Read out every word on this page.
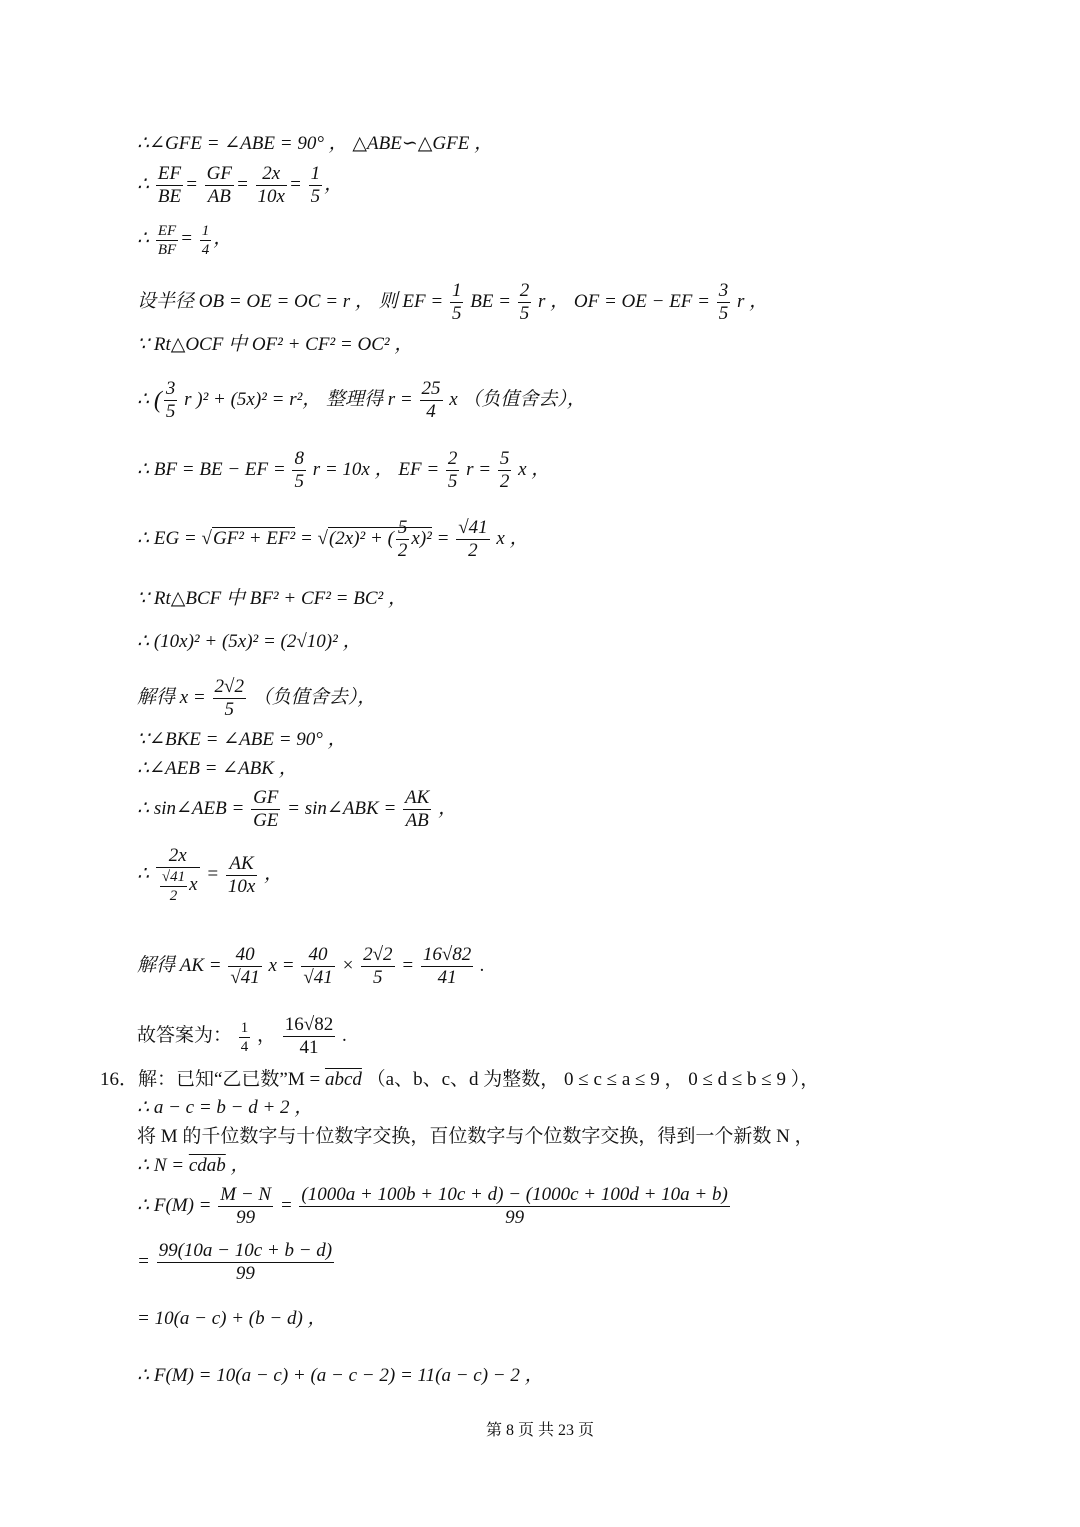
∴∠GFE = ∠ABE = 90° ， △ABE∽△GFE ，
∴ $\frac{EF}{BE} = \frac{GF}{AB} = \frac{2x}{10x} = \frac{1}{5}$ ，
∴ $\frac{EF}{BF} = \frac{1}{4}$ ，
设半径 OB = OE = OC = r ， 则 EF = $\frac{1}{5}$ BE = $\frac{2}{5}$ r ， OF = OE − EF = $\frac{3}{5}$ r ，
∵ Rt△OCF 中 OF² + CF² = OC² ，
∴ ( $\frac{3}{5}$ r )² + (5x)² = r²， 整理得 $r = \frac{25}{4}$ x （负值舍去），
∴ BF = BE − EF = $\frac{8}{5}$ r = 10x ， EF = $\frac{2}{5}$ $r = \frac{5}{2}$ x ，
∴ EG = √GF² + EF² = √(2x)² + ( $\frac{5}{2} x)^2 = \frac{√41}{2}$ x ，
∵ Rt△BCF 中 BF² + CF² = BC² ，
∴ (10x)² + (5x)² = (2√10)² ，
解得 $x = \frac{2√2}{5}$ （负值舍去），
∵∠BKE = ∠ABE = 90° ，
∴∠AEB = ∠ABK ，
∴ sin∠AEB = $\frac{GF}{GE}$ = sin∠ABK = $\frac{AK}{AB}$ ，
∴ $\frac{2x}{\frac{√41}{2} x} = \frac{AK}{10x}$ ，
解得 AK = $\frac{40}{√41}$ $x = \frac{40}{√41} \times \frac{2√2}{5} = \frac{16√82}{41}$ .
故答案为： $\frac{1}{4}$ ， $\frac{16√82}{41}$ .
16．解：已知“乙已数”M = abcd （a、b、c、d 为整数， 0 ≤ c ≤ a ≤ 9 ， 0 ≤ d ≤ b ≤ 9 ），
∴ a − c = b − d + 2 ，
将 M 的千位数字与十位数字交换，百位数字与个位数字交换，得到一个新数 N ，
∴ N = cdab ，
∴ $F(M) = \frac{M - N}{99} = \frac{(1000a + 100b + 10c + d) - (1000c + 100d + 10a + b)}{99}$
= $\frac{99(10a - 10c + b - d)}{99}$
= 10(a − c) + (b − d) ，
∴ F(M) = 10(a − c) + (a − c − 2) = 11(a − c) − 2 ，
第 8 页 共 23 页
